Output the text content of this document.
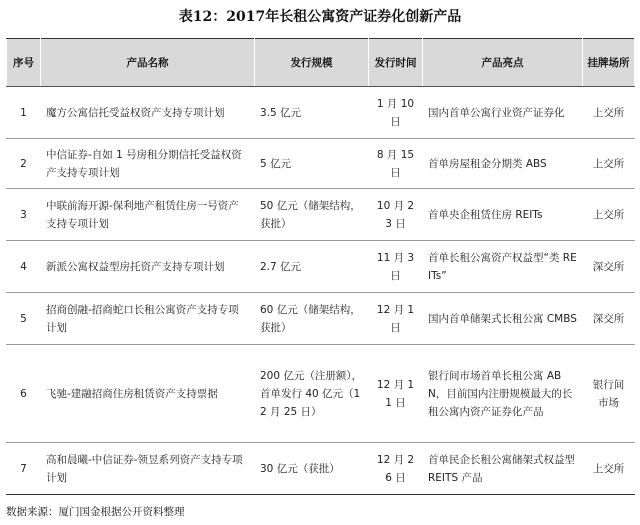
表12：2017年长租公寓资产证券化创新产品
序号	产品名称	发行规模	发行时间	产品亮点	挂牌场所
1	魔方公寓信托受益权资产支持专项计划	3.5 亿元	1 月 10 日	国内首单公寓行业资产证券化	上交所
2	中信证券-自如 1 号房租分期信托受益权资产支持专项计划	5 亿元	8 月 15 日	首单房屋租金分期类 ABS	上交所
3	中联前海开源-保利地产租赁住房一号资产支持专项计划	50 亿元（储架结构，获批）	10 月 23 日	首单央企租赁住房 REITs	上交所
4	新派公寓权益型房托资产支持专项计划	2.7 亿元	11 月 3 日	首单长租公寓资产权益型“类 REITs”	深交所
5	招商创融-招商蛇口长租公寓资产支持专项计划	60 亿元（储架结构，获批）	12 月 1 日	国内首单储架式长租公寓 CMBS	深交所
6	飞驰-建融招商住房租赁资产支持票据	200 亿元（注册额），首单发行 40 亿元（12 月 25 日）	12 月 11 日	银行间市场首单长租公寓 ABN，目前国内注册规模最大的长租公寓内资产证券化产品	银行间市场
7	高和晨曦-中信证券-领昱系列资产支持专项计划	30 亿元（获批）	12 月 26 日	首单民企长租公寓储架式权益型 REITS 产品	上交所
数据来源：厦门国金根据公开资料整理
